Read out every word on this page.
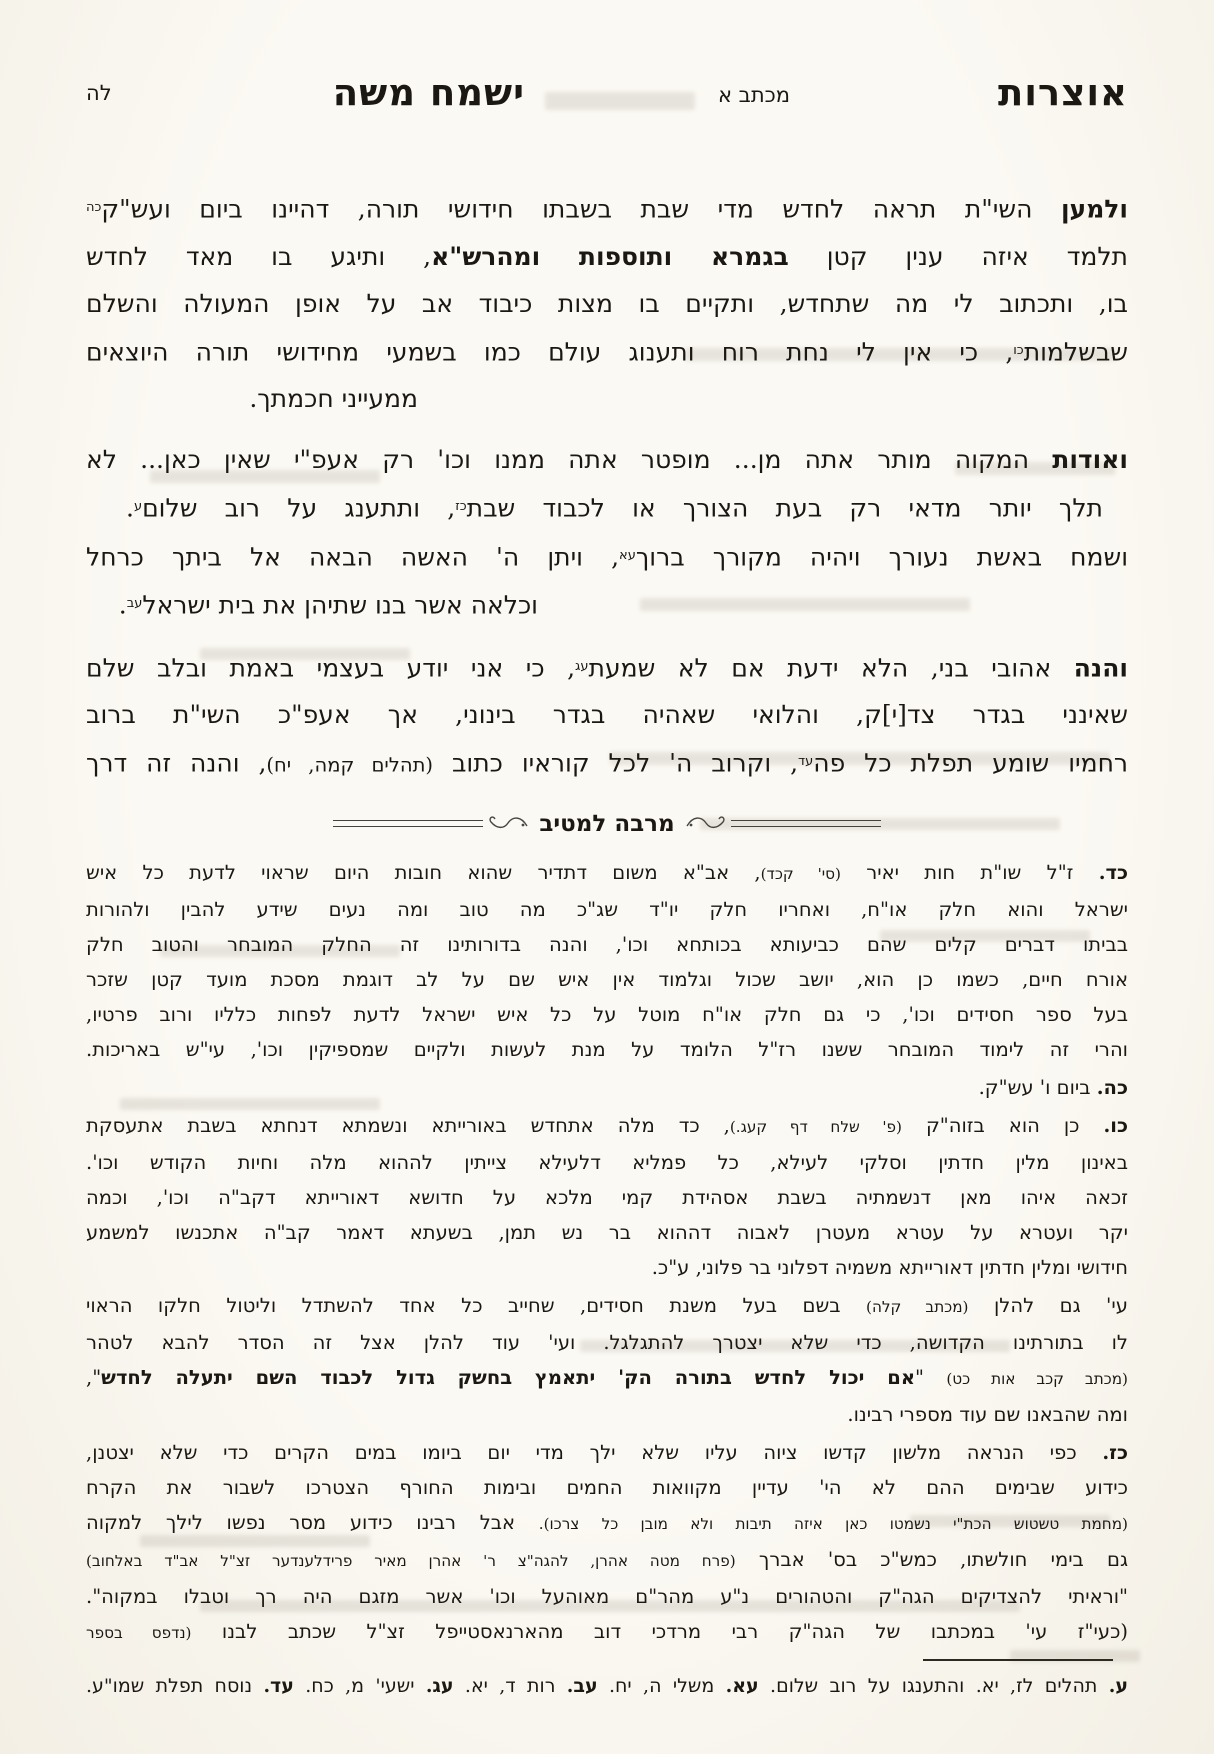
אוצרות
מכתב א
ישמח משה
לה
ולמען השי"ת תראה לחדש מדי שבת בשבתו חידושי תורה, דהיינו ביום ועש"ק$^{כה}$
תלמד איזה ענין קטן בגמרא ותוספות ומהרש"א, ותיגע בו מאד לחדש
בו, ותכתוב לי מה שתחדש, ותקיים בו מצות כיבוד אב על אופן המעולה והשלם
שבשלמות$^{כו}$, כי אין לי נחת רוח ותענוג עולם כמו בשמעי מחידושי תורה היוצאים
ממעייני חכמתך.
ואודות המקוה מותר אתה מן... מופטר אתה ממנו וכו' רק אעפ"י שאין כאן... לא
תלך יותר מדאי רק בעת הצורך או לכבוד שבת$^{כז}$, ותתענג על רוב שלום$^ע$.
ושמח באשת נעורך ויהיה מקורך ברוך$^{עא}$, ויתן ה' האשה הבאה אל ביתך כרחל
וכלאה אשר בנו שתיהן את בית ישראל$^{עב}$.
והנה אהובי בני, הלא ידעת אם לא שמעת$^{עג}$, כי אני יודע בעצמי באמת ובלב שלם
שאינני בגדר צד[י]ק, והלואי שאהיה בגדר בינוני, אך אעפ"כ השי"ת ברוב
רחמיו שומע תפלת כל פה$^{עד}$, וקרוב ה' לכל קוראיו כתוב (תהלים קמה, יח), והנה זה דרך
מרבה למטיב
כד. ז"ל שו"ת חות יאיר (סי' קכד), אב"א משום דתדיר שהוא חובות היום שראוי לדעת כל איש
ישראל והוא חלק או"ח, ואחריו חלק יו"ד שג"כ מה טוב ומה נעים שידע להבין ולהורות
בביתו דברים קלים שהם כביעותא בכותחא וכו', והנה בדורותינו זה החלק המובחר והטוב חלק
אורח חיים, כשמו כן הוא, יושב שכול וגלמוד אין איש שם על לב דוגמת מסכת מועד קטן שזכר
בעל ספר חסידים וכו', כי גם חלק או"ח מוטל על כל איש ישראל לדעת לפחות כלליו ורוב פרטיו,
והרי זה לימוד המובחר ששנו רז"ל הלומד על מנת לעשות ולקיים שמספיקין וכו', עי"ש באריכות.
כה. ביום ו' עש"ק.
כו. כן הוא בזוה"ק (פ' שלח דף קעג.), כד מלה אתחדש באורייתא ונשמתא דנחתא בשבת אתעסקת
באינון מלין חדתין וסלקי לעילא, כל פמליא דלעילא צייתין לההוא מלה וחיות הקודש וכו'.
זכאה איהו מאן דנשמתיה בשבת אסהידת קמי מלכא על חדושא דאורייתא דקב"ה וכו', וכמה
יקר ועטרא על עטרא מעטרן לאבוה דההוא בר נש תמן, בשעתא דאמר קב"ה אתכנשו למשמע
חידושי ומלין חדתין דאורייתא משמיה דפלוני בר פלוני, ע"כ.
עי' גם להלן (מכתב קלה) בשם בעל משנת חסידים, שחייב כל אחד להשתדל וליטול חלקו הראוי
לו בתורתינו הקדושה, כדי שלא יצטרך להתגלגל. ועי' עוד להלן אצל זה הסדר להבא לטהר
(מכתב קכב אות כט) "אם יכול לחדש בתורה הק' יתאמץ בחשק גדול לכבוד השם יתעלה לחדש",
ומה שהבאנו שם עוד מספרי רבינו.
כז. כפי הנראה מלשון קדשו ציוה עליו שלא ילך מדי יום ביומו במים הקרים כדי שלא יצטנן,
כידוע שבימים ההם לא הי' עדיין מקוואות החמים ובימות החורף הצטרכו לשבור את הקרח
(מחמת טשטוש הכת"י נשמטו כאן איזה תיבות ולא מובן כל צרכו). אבל רבינו כידוע מסר נפשו לילך למקוה
גם בימי חולשתו, כמש"כ בס' אברך (פרח מטה אהרן, להגה"צ ר' אהרן מאיר פרידלענדער זצ"ל אב"ד באלחוב)
"וראיתי להצדיקים הגה"ק והטהורים נ"ע מהר"ם מאוהעל וכו' אשר מזגם היה רך וטבלו במקוה".
(כעי"ז עי' במכתבו של הגה"ק רבי מרדכי דוב מהארנאסטייפל זצ"ל שכתב לבנו (נדפס בספר
ע. תהלים לז, יא. והתענגו על רוב שלום. עא. משלי ה, יח. עב. רות ד, יא. עג. ישעי' מ, כח. עד. נוסח תפלת שמו"ע.
